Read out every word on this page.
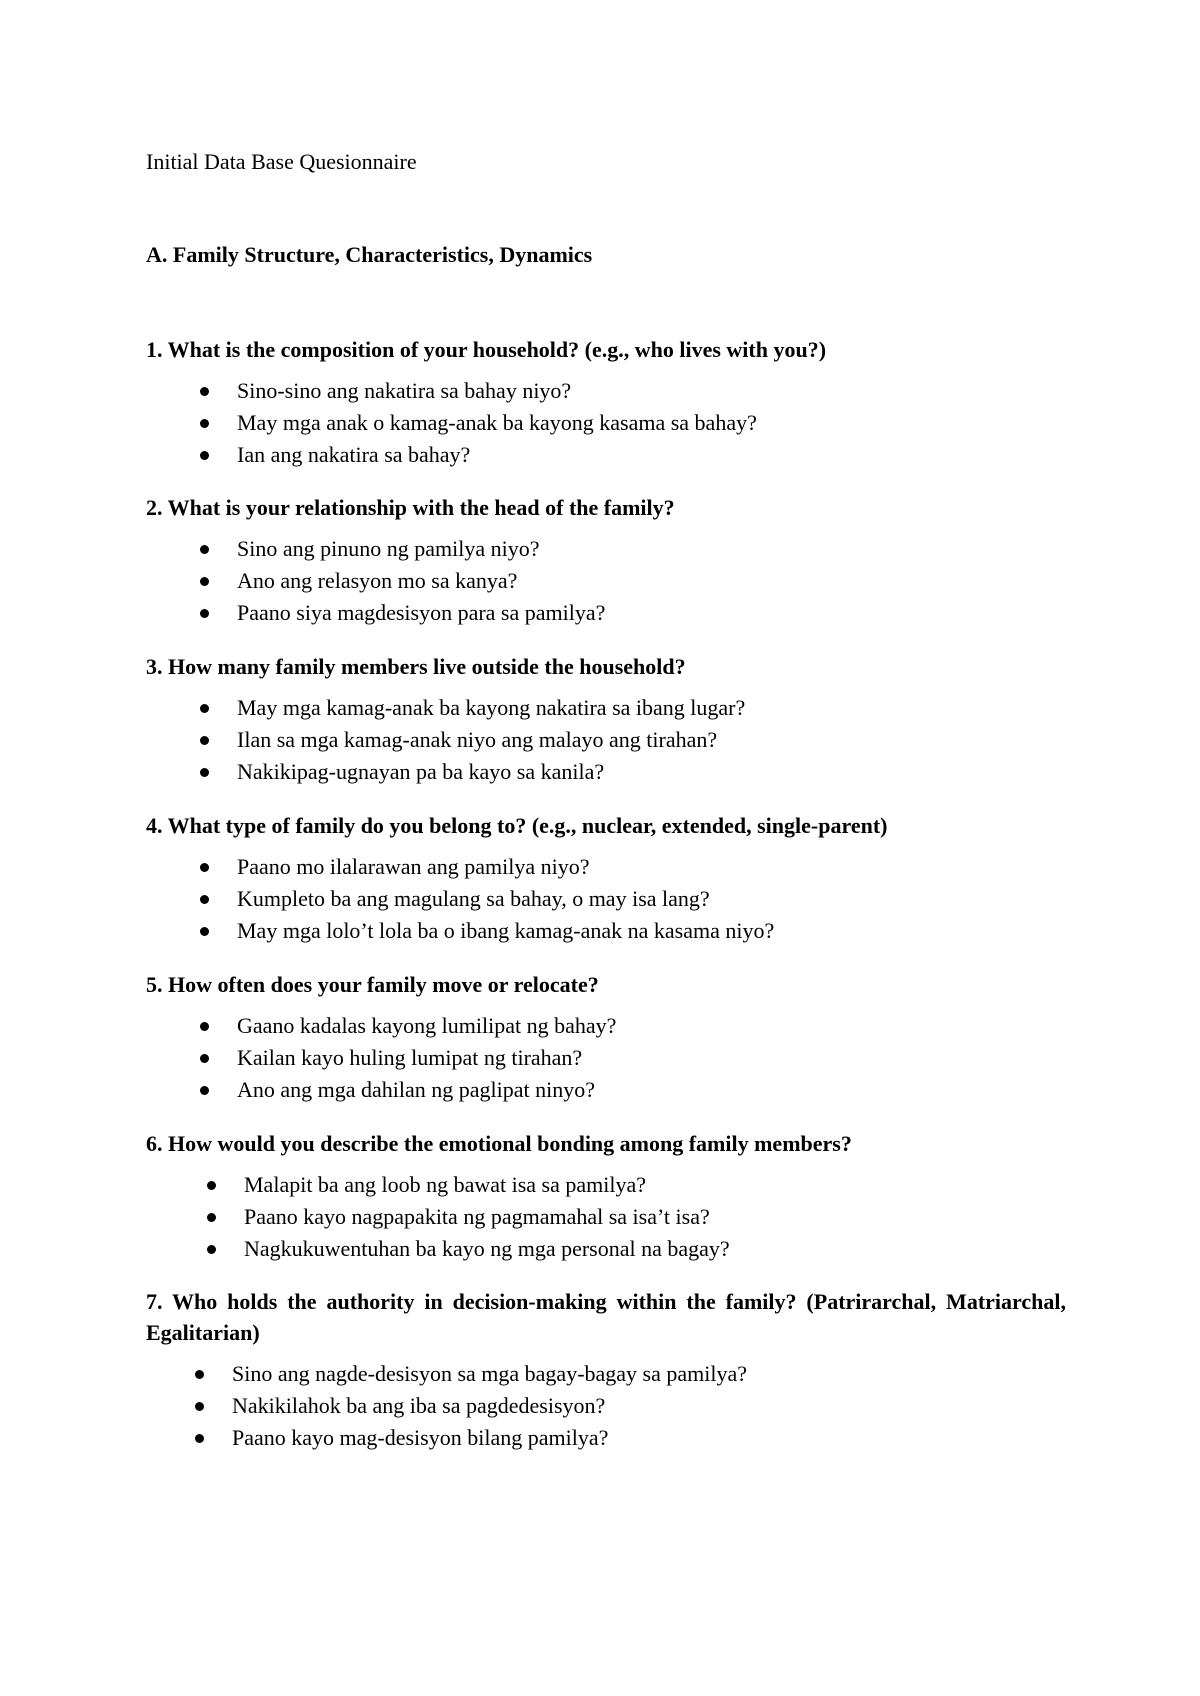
Initial Data Base Quesionnaire
A. Family Structure, Characteristics, Dynamics

1. What is the composition of your household? (e.g., who lives with you?)

Sino-sino ang nakatira sa bahay niyo?
May mga anak o kamag-anak ba kayong kasama sa bahay?
Ian ang nakatira sa bahay?

2. What is your relationship with the head of the family?

Sino ang pinuno ng pamilya niyo?
Ano ang relasyon mo sa kanya?
Paano siya magdesisyon para sa pamilya?

3. How many family members live outside the household?

May mga kamag-anak ba kayong nakatira sa ibang lugar?
Ilan sa mga kamag-anak niyo ang malayo ang tirahan?
Nakikipag-ugnayan pa ba kayo sa kanila?

4. What type of family do you belong to? (e.g., nuclear, extended, single-parent)

Paano mo ilalarawan ang pamilya niyo?
Kumpleto ba ang magulang sa bahay, o may isa lang?
May mga lolo’t lola ba o ibang kamag-anak na kasama niyo?

5. How often does your family move or relocate?

Gaano kadalas kayong lumilipat ng bahay?
Kailan kayo huling lumipat ng tirahan?
Ano ang mga dahilan ng paglipat ninyo?

6. How would you describe the emotional bonding among family members?

Malapit ba ang loob ng bawat isa sa pamilya?
Paano kayo nagpapakita ng pagmamahal sa isa’t isa?
Nagkukuwentuhan ba kayo ng mga personal na bagay?

7. Who holds the authority in decision-making within the family? (Patrirarchal, Matriarchal, Egalitarian)

Sino ang nagde-desisyon sa mga bagay-bagay sa pamilya?
Nakikilahok ba ang iba sa pagdedesisyon?
Paano kayo mag-desisyon bilang pamilya?
